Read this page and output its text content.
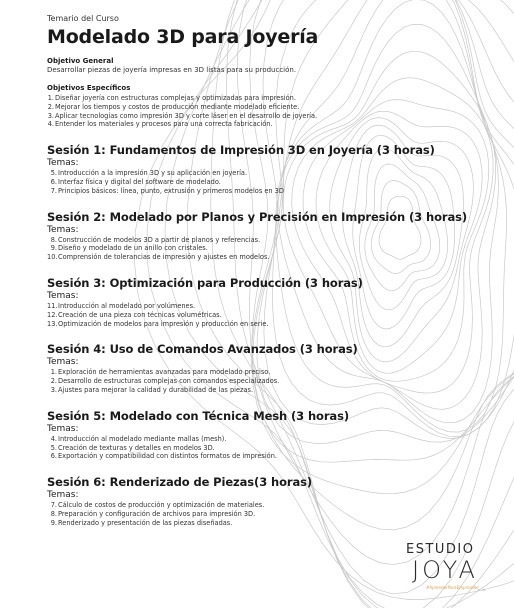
Temario del Curso
Modelado 3D para Joyería
Objetivo General
Desarrollar piezas de joyería impresas en 3D listas para su producción.
Objetivos Específicos
1. Diseñar joyería con estructuras complejas y optimizadas para impresión.
2. Mejorar los tiempos y costos de producción mediante modelado eficiente.
3. Aplicar tecnologías como impresión 3D y corte láser en el desarrollo de joyería.
4. Entender los materiales y procesos para una correcta fabricación.
Sesión 1: Fundamentos de Impresión 3D en Joyería (3 horas)
Temas:
5. Introducción a la impresión 3D y su aplicación en joyería.
6. Interfaz física y digital del software de modelado.
7. Principios básicos: línea, punto, extrusión y primeros modelos en 3D
Sesión 2: Modelado por Planos y Precisión en Impresión (3 horas)
Temas:
8. Construcción de modelos 3D a partir de planos y referencias.
9. Diseño y modelado de un anillo con cristales.
10. Comprensión de tolerancias de impresión y ajustes en modelos.
Sesión 3: Optimización para Producción (3 horas)
Temas:
11. Introducción al modelado por volúmenes.
12. Creación de una pieza con técnicas volumétricas.
13. Optimización de modelos para impresión y producción en serie.
Sesión 4: Uso de Comandos Avanzados (3 horas)
Temas:
1. Exploración de herramientas avanzadas para modelado preciso.
2. Desarrollo de estructuras complejas con comandos especializados.
3. Ajustes para mejorar la calidad y durabilidad de las piezas.
Sesión 5: Modelado con Técnica Mesh (3 horas)
Temas:
4. Introducción al modelado mediante mallas (mesh).
5. Creación de texturas y detalles en modelos 3D.
6. Exportación y compatibilidad con distintos formatos de impresión.
Sesión 6: Renderizado de Piezas(3 horas)
Temas:
7. Cálculo de costos de producción y optimización de materiales.
8. Preparación y configuración de archivos para impresión 3D.
9. Renderizado y presentación de las piezas diseñadas.
ESTUDIO
JOYA
TM
#AprenderParaEmprender
